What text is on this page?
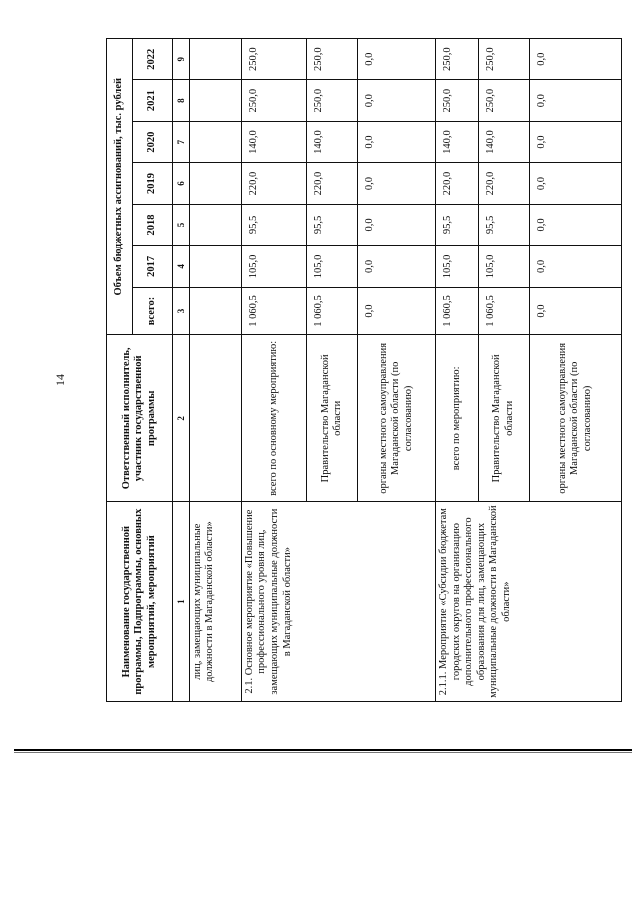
14
Наименование государственной программы, Подпрограммы, основных мероприятий, мероприятий	Ответственный исполнитель, участник государственной программы	Объем бюджетных ассигнований, тыс. рублей						
		всего:	2017	2018	2019	2020	2021	2022
1	2	3	4	5	6	7	8	9
лиц, замещающих муниципальные должности в Магаданской области»								
2.1. Основное мероприятие «Повышение профессионального уровня лиц, замещающих муниципальные должности в Магаданской области»	всего по основному мероприятию:	1 060,5	105,0	95,5	220,0	140,0	250,0	250,0
	Правительство Магаданской области	1 060,5	105,0	95,5	220,0	140,0	250,0	250,0
	органы местного самоуправления Магаданской области (по согласованию)	0,0	0,0	0,0	0,0	0,0	0,0	0,0
2.1.1. Мероприятие «Субсидии бюджетам городских округов на организацию дополнительного профессионального образования для лиц, замещающих муниципальные должности в Магаданской области»	всего по мероприятию:	1 060,5	105,0	95,5	220,0	140,0	250,0	250,0
	Правительство Магаданской области	1 060,5	105,0	95,5	220,0	140,0	250,0	250,0
	органы местного самоуправления Магаданской области (по согласованию)	0,0	0,0	0,0	0,0	0,0	0,0	0,0
